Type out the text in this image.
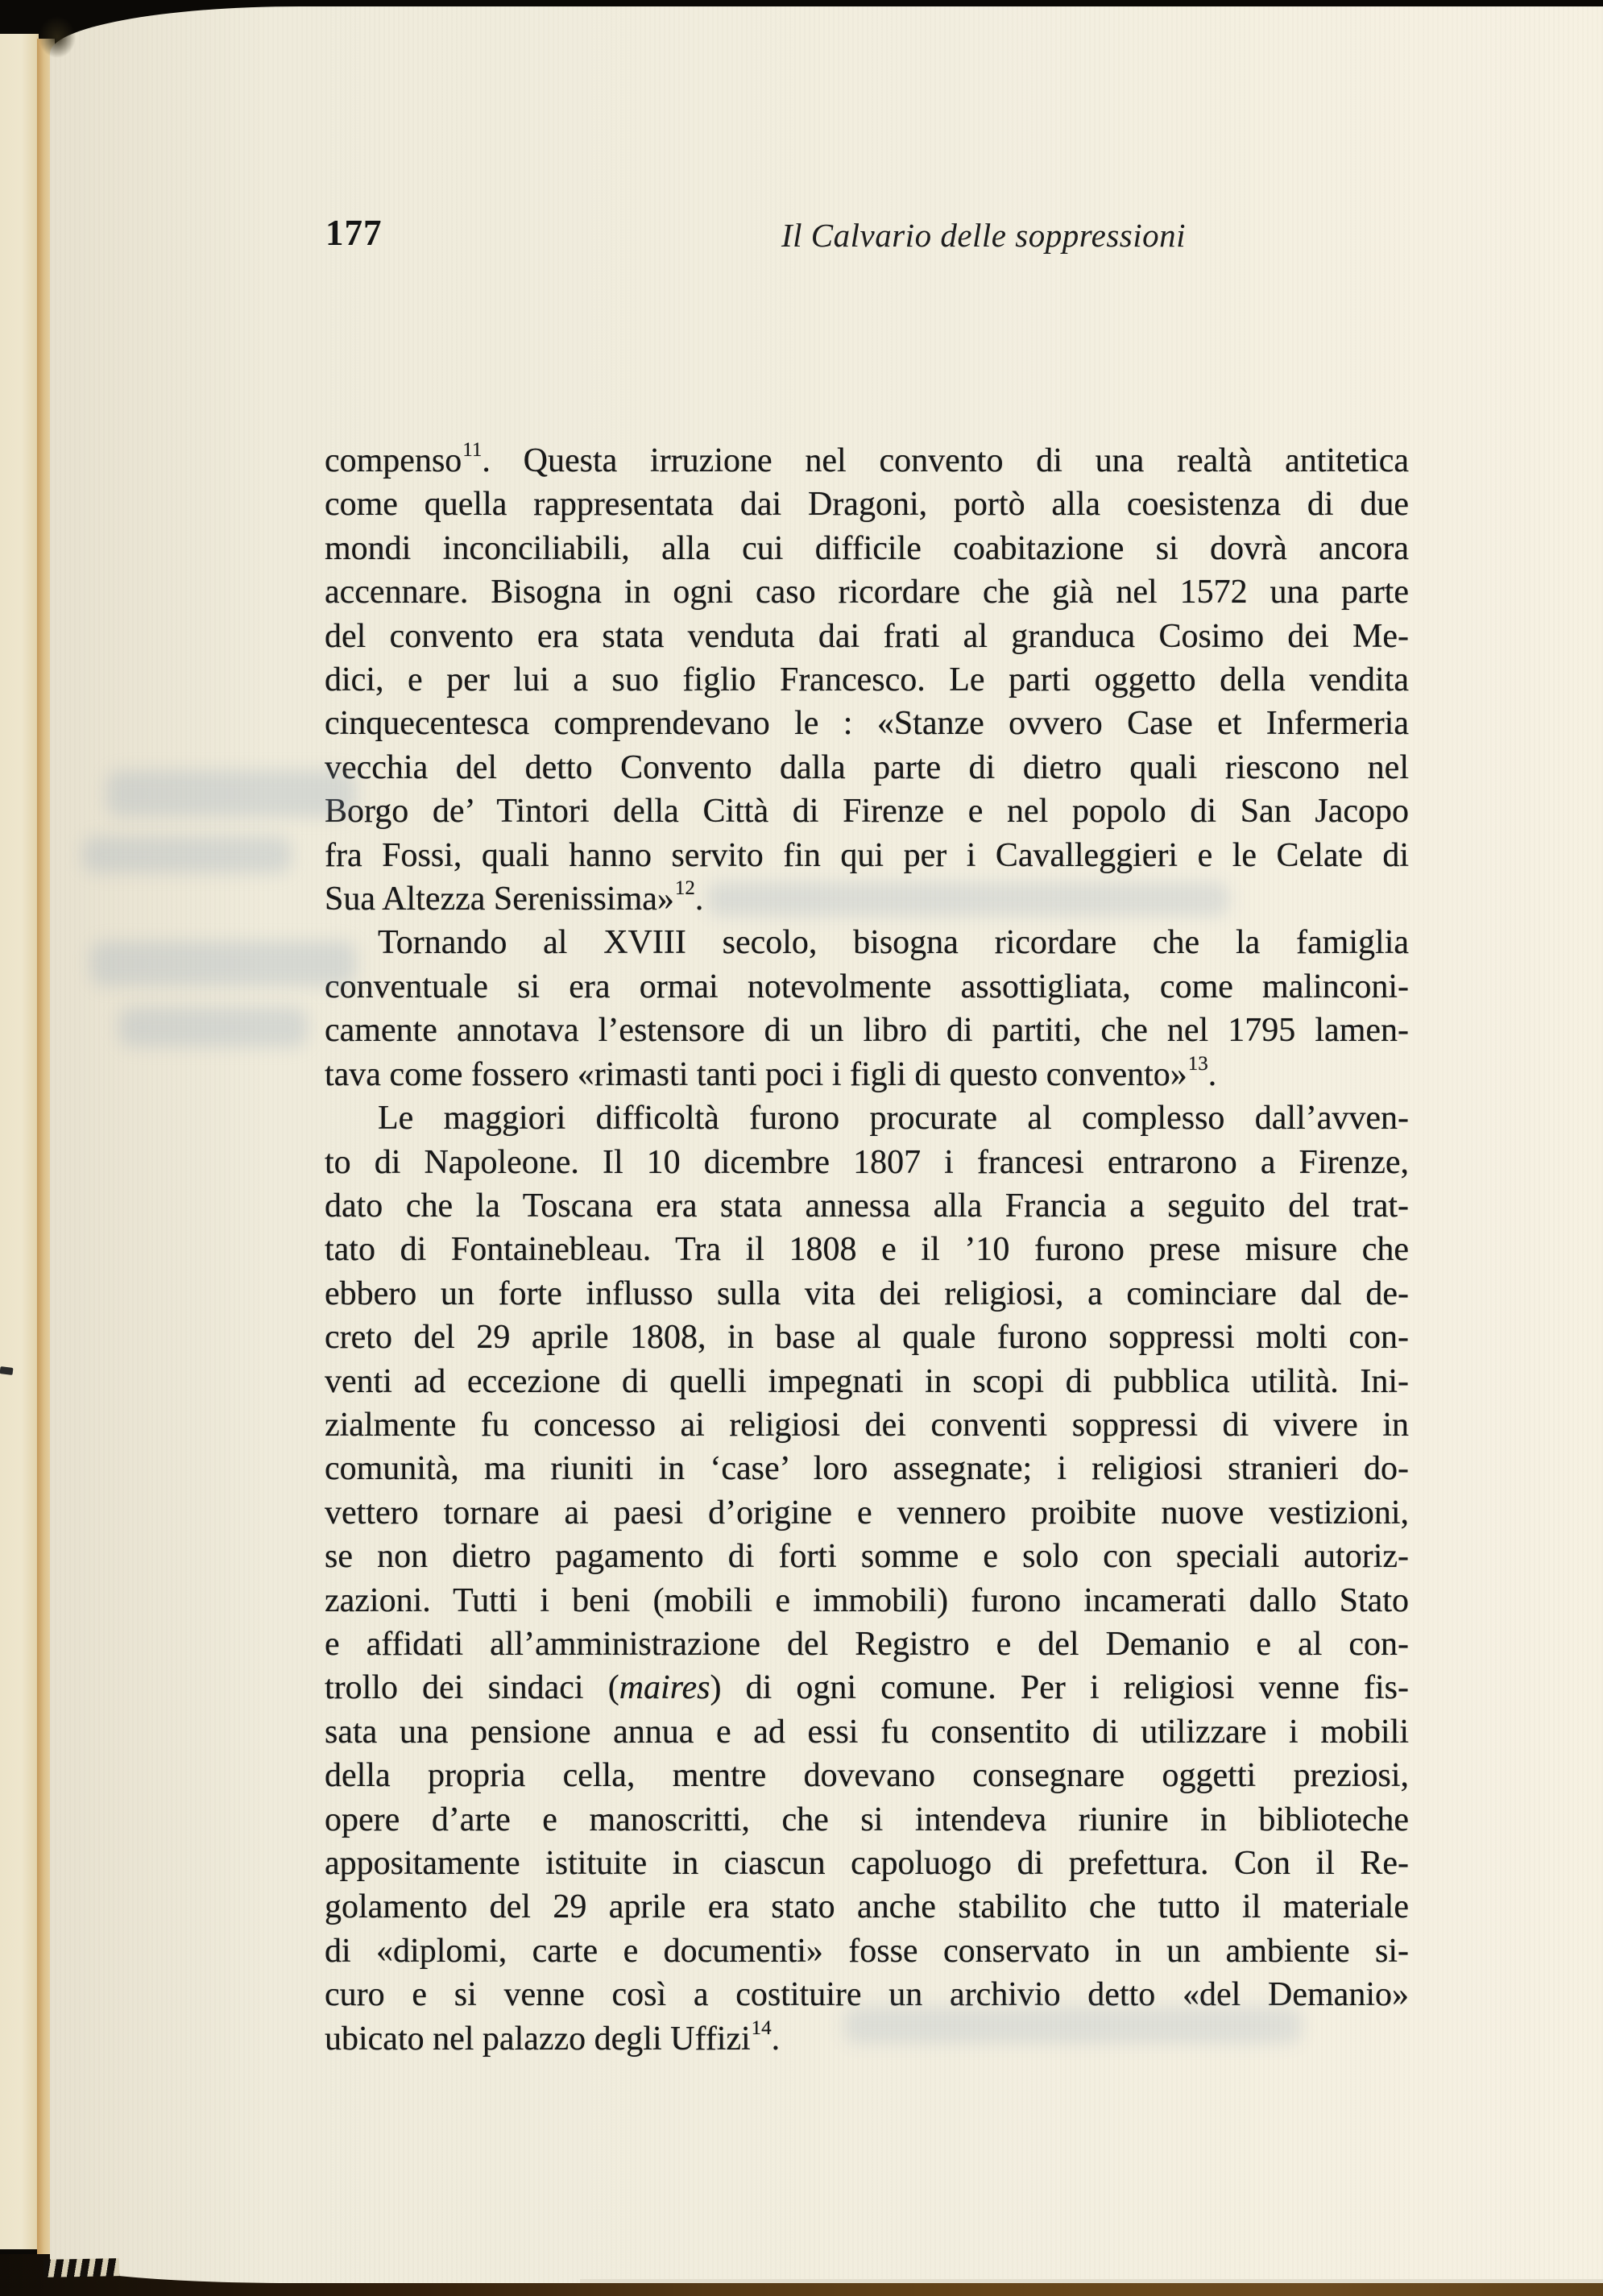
177	Il Calvario delle soppressioni
compenso$^{11}$. Questa irruzione nel convento di una realtà antitetica
come quella rappresentata dai Dragoni, portò alla coesistenza di due
mondi inconciliabili, alla cui difficile coabitazione si dovrà ancora
accennare. Bisogna in ogni caso ricordare che già nel 1572 una parte
del convento era stata venduta dai frati al granduca Cosimo dei Me-
dici, e per lui a suo figlio Francesco. Le parti oggetto della vendita
cinquecentesca comprendevano le : «Stanze ovvero Case et Infermeria
vecchia del detto Convento dalla parte di dietro quali riescono nel
Borgo de’ Tintori della Città di Firenze e nel popolo di San Jacopo
fra Fossi, quali hanno servito fin qui per i Cavalleggieri e le Celate di
Sua Altezza Serenissima»$^{12}$.
Tornando al XVIII secolo, bisogna ricordare che la famiglia
conventuale si era ormai notevolmente assottigliata, come malinconi-
camente annotava l’estensore di un libro di partiti, che nel 1795 lamen-
tava come fossero «rimasti tanti poci i figli di questo convento»$^{13}$.
Le maggiori difficoltà furono procurate al complesso dall’avven-
to di Napoleone. Il 10 dicembre 1807 i francesi entrarono a Firenze,
dato che la Toscana era stata annessa alla Francia a seguito del trat-
tato di Fontainebleau. Tra il 1808 e il ’10 furono prese misure che
ebbero un forte influsso sulla vita dei religiosi, a cominciare dal de-
creto del 29 aprile 1808, in base al quale furono soppressi molti con-
venti ad eccezione di quelli impegnati in scopi di pubblica utilità. Ini-
zialmente fu concesso ai religiosi dei conventi soppressi di vivere in
comunità, ma riuniti in ‘case’ loro assegnate; i religiosi stranieri do-
vettero tornare ai paesi d’origine e vennero proibite nuove vestizioni,
se non dietro pagamento di forti somme e solo con speciali autoriz-
zazioni. Tutti i beni (mobili e immobili) furono incamerati dallo Stato
e affidati all’amministrazione del Registro e del Demanio e al con-
trollo dei sindaci (maires) di ogni comune. Per i religiosi venne fis-
sata una pensione annua e ad essi fu consentito di utilizzare i mobili
della propria cella, mentre dovevano consegnare oggetti preziosi,
opere d’arte e manoscritti, che si intendeva riunire in biblioteche
appositamente istituite in ciascun capoluogo di prefettura. Con il Re-
golamento del 29 aprile era stato anche stabilito che tutto il materiale
di «diplomi, carte e documenti» fosse conservato in un ambiente si-
curo e si venne così a costituire un archivio detto «del Demanio»
ubicato nel palazzo degli Uffizi$^{14}$.
